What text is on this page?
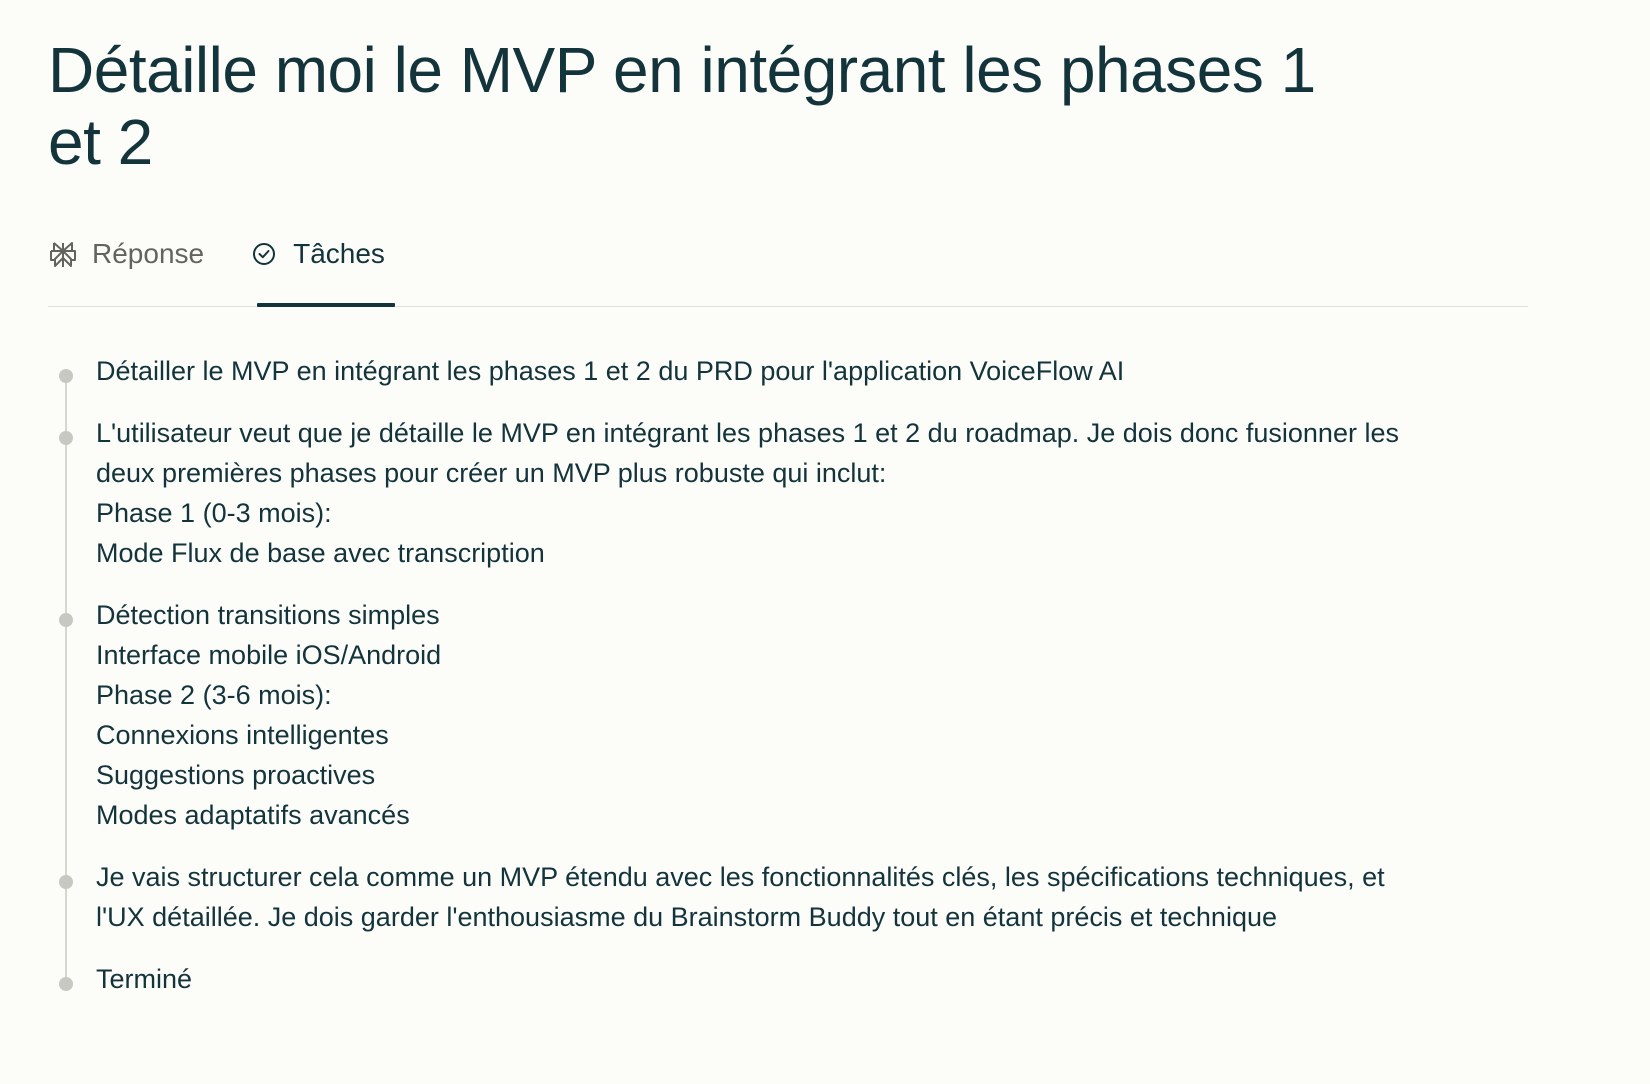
Détaille moi le MVP en intégrant les phases 1 et 2
Réponse	Tâches
Détailler le MVP en intégrant les phases 1 et 2 du PRD pour l'application VoiceFlow AI
L'utilisateur veut que je détaille le MVP en intégrant les phases 1 et 2 du roadmap. Je dois donc fusionner les
deux premières phases pour créer un MVP plus robuste qui inclut:
Phase 1 (0-3 mois):
Mode Flux de base avec transcription
Détection transitions simples
Interface mobile iOS/Android
Phase 2 (3-6 mois):
Connexions intelligentes
Suggestions proactives
Modes adaptatifs avancés
Je vais structurer cela comme un MVP étendu avec les fonctionnalités clés, les spécifications techniques, et
l'UX détaillée. Je dois garder l'enthousiasme du Brainstorm Buddy tout en étant précis et technique
Terminé
